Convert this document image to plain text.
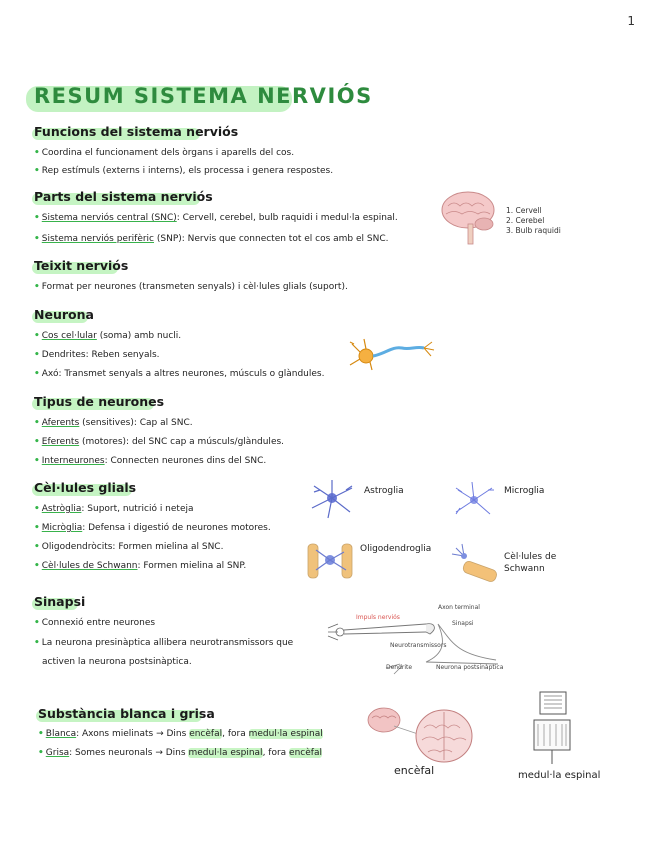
1
RESUM SISTEMA NERVIÓS
Funcions del sistema nerviós
• Coordina el funcionament dels òrgans i aparells del cos.
• Rep estímuls (externs i interns), els processa i genera respostes.
Parts del sistema nerviós
• Sistema nerviós central (SNC): Cervell, cerebel, bulb raquidi i medul·la espinal.
• Sistema nerviós perifèric (SNP): Nervis que connecten tot el cos amb el SNC.
1. Cervell
2. Cerebel
3. Bulb raquidi
Teixit nerviós
• Format per neurones (transmeten senyals) i cèl·lules glials (suport).
Neurona
• Cos cel·lular (soma) amb nucli.
• Dendrites: Reben senyals.
• Axó: Transmet senyals a altres neurones, músculs o glàndules.
Tipus de neurones
• Aferents (sensitives): Cap al SNC.
• Eferents (motores): del SNC cap a músculs/glàndules.
• Interneurones: Connecten neurones dins del SNC.
Cèl·lules glials
• Astròglia: Suport, nutrició i neteja
• Micròglia: Defensa i digestió de neurones motores.
• Oligodendròcits: Formen mielina al SNC.
• Cèl·lules de Schwann: Formen mielina al SNP.
Astroglia	Microglia
Oligodendroglia
Cèl·lules de
Schwann
Sinapsi
• Connexió entre neurones
• La neurona presinàptica allibera neurotransmissors que
activen la neurona postsinàptica.
Impuls nerviós
Axon terminal
Sinapsi
Neurotransmissors
Dendrite	Neurona postsinàptica
Substància blanca i grisa
• Blanca: Axons mielinats → Dins encèfal, fora medul·la espinal
• Grisa: Somes neuronals → Dins medul·la espinal, fora encèfal
encèfal	medul·la espinal
